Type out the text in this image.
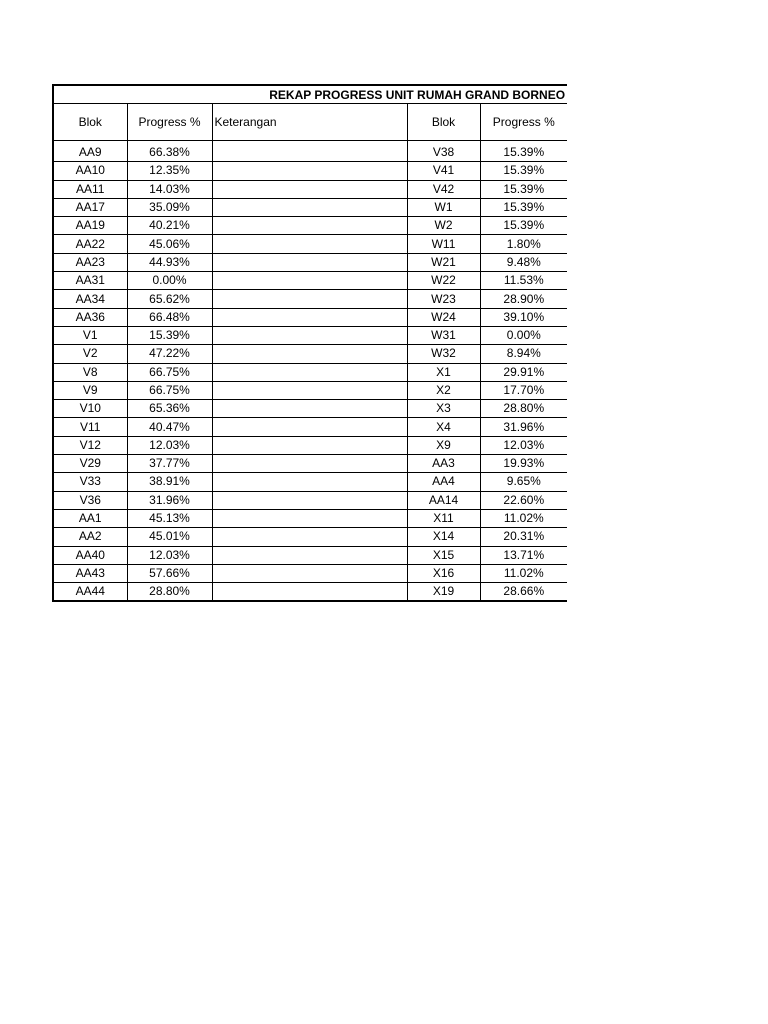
REKAP PROGRESS UNIT RUMAH GRAND BORNEO				
Blok	Progress %	Keterangan	Blok	Progress %

AA9	66.38%		V38	15.39%
AA10	12.35%		V41	15.39%
AA11	14.03%		V42	15.39%
AA17	35.09%		W1	15.39%
AA19	40.21%		W2	15.39%
AA22	45.06%		W11	1.80%
AA23	44.93%		W21	9.48%
AA31	0.00%		W22	11.53%
AA34	65.62%		W23	28.90%
AA36	66.48%		W24	39.10%
V1	15.39%		W31	0.00%
V2	47.22%		W32	8.94%
V8	66.75%		X1	29.91%
V9	66.75%		X2	17.70%
V10	65.36%		X3	28.80%
V11	40.47%		X4	31.96%
V12	12.03%		X9	12.03%
V29	37.77%		AA3	19.93%
V33	38.91%		AA4	9.65%
V36	31.96%		AA14	22.60%
AA1	45.13%		X11	11.02%
AA2	45.01%		X14	20.31%
AA40	12.03%		X15	13.71%
AA43	57.66%		X16	11.02%
AA44	28.80%		X19	28.66%
